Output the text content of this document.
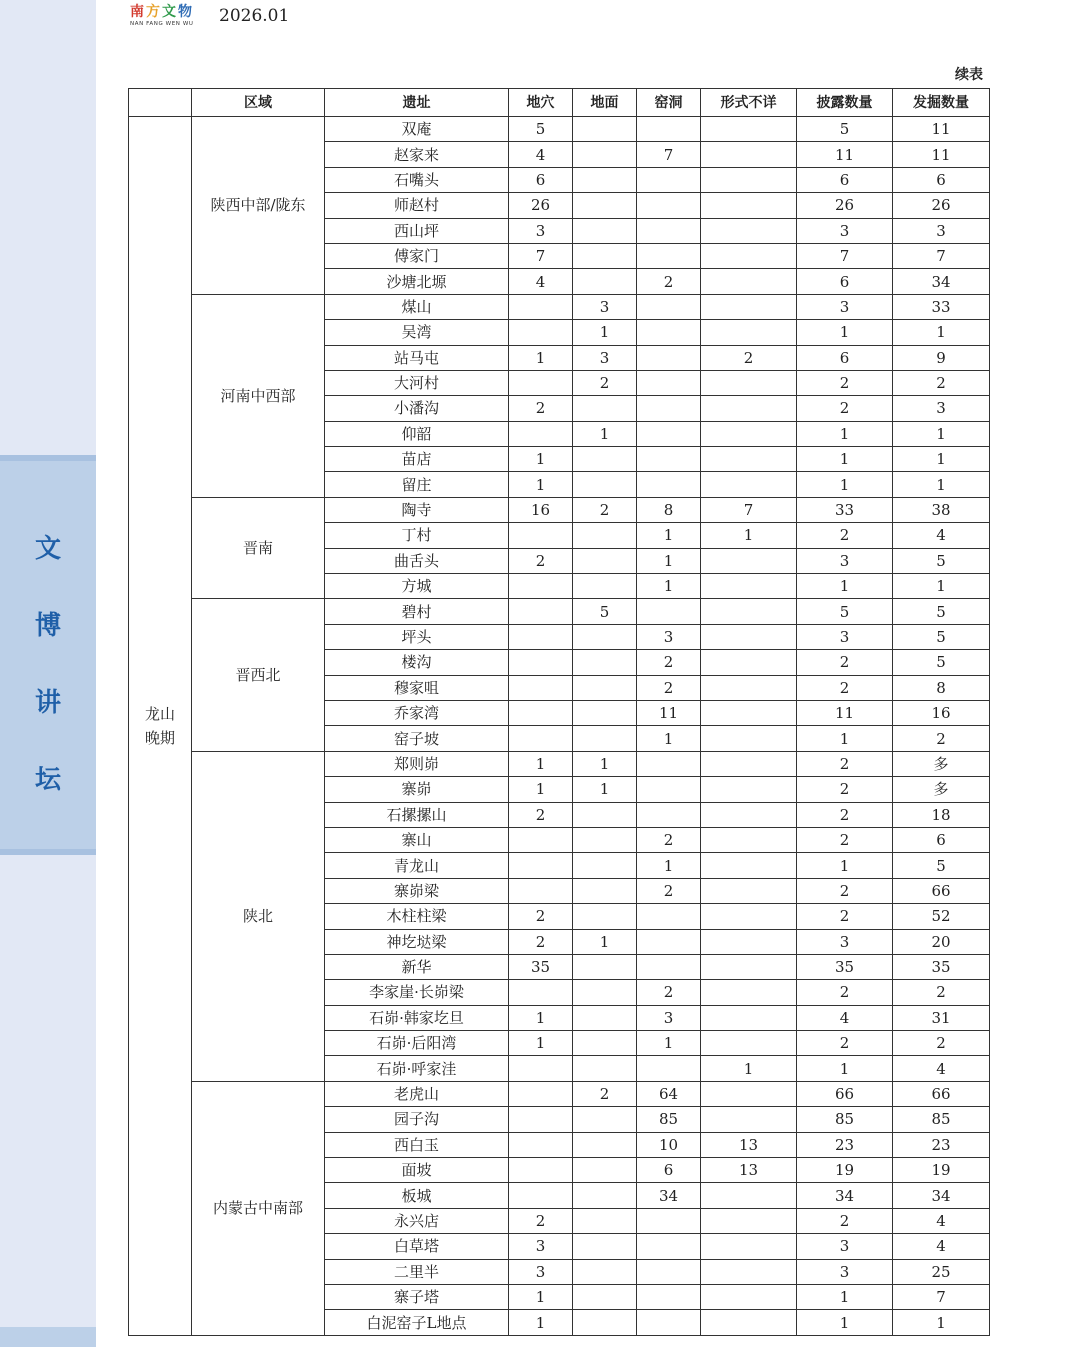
文
博
讲
坛
南 方 文 物
NAN FANG WEN WU	2026.01
续表
	区域	遗址	地穴	地面	窑洞	形式不详	披露数量	发掘数量

龙山
晚期	陕西中部/陇东	双庵	5				5	11
		赵家来	4		7		11	11
		石嘴头	6				6	6
		师赵村	26				26	26
		西山坪	3				3	3
		傅家门	7				7	7
		沙塘北塬	4		2		6	34
	河南中西部	煤山		3			3	33
		吴湾		1			1	1
		站马屯	1	3		2	6	9
		大河村		2			2	2
		小潘沟	2				2	3
		仰韶		1			1	1
		苗店	1				1	1
		留庄	1				1	1
	晋南	陶寺	16	2	8	7	33	38
		丁村			1	1	2	4
		曲舌头	2		1		3	5
		方城			1		1	1
	晋西北	碧村		5			5	5
		坪头			3		3	5
		楼沟			2		2	5
		穆家咀			2		2	8
		乔家湾			11		11	16
		窑子坡			1		1	2
	陕北	郑则峁	1	1			2	多
		寨峁	1	1			2	多
		石摞摞山	2				2	18
		寨山			2		2	6
		青龙山			1		1	5
		寨峁梁			2		2	66
		木柱柱梁	2				2	52
		神圪垯梁	2	1			3	20
		新华	35				35	35
		李家崖·长峁梁			2		2	2
		石峁·韩家圪旦	1		3		4	31
		石峁·后阳湾	1		1		2	2
		石峁·呼家洼				1	1	4
	内蒙古中南部	老虎山		2	64		66	66
		园子沟			85		85	85
		西白玉			10	13	23	23
		面坡			6	13	19	19
		板城			34		34	34
		永兴店	2				2	4
		白草塔	3				3	4
		二里半	3				3	25
		寨子塔	1				1	7
		白泥窑子L地点	1				1	1
